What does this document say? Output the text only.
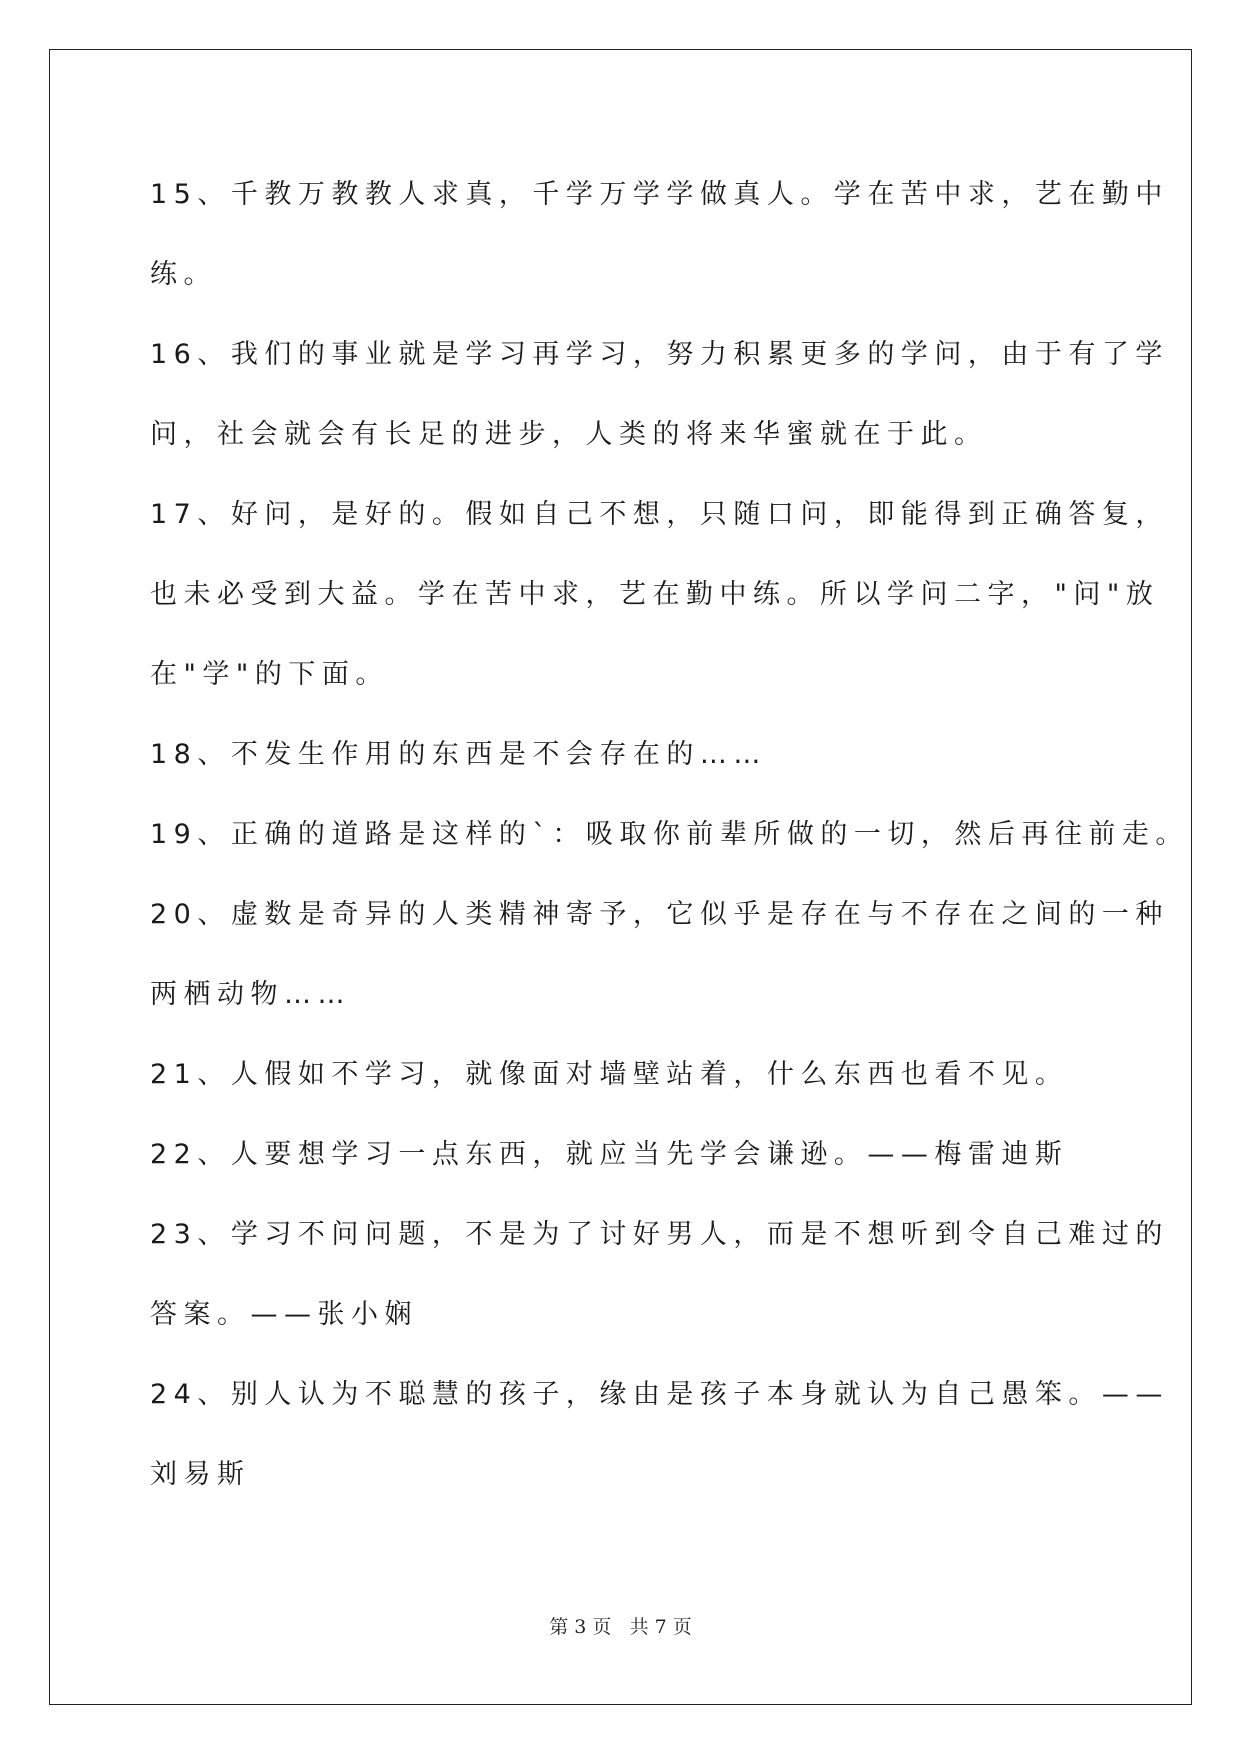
15、千教万教教人求真，千学万学学做真人。学在苦中求，艺在勤中

练。

16、我们的事业就是学习再学习，努力积累更多的学问，由于有了学

问，社会就会有长足的进步，人类的将来华蜜就在于此。

17、好问，是好的。假如自己不想，只随口问，即能得到正确答复，

也未必受到大益。学在苦中求，艺在勤中练。所以学问二字，"问"放

在"学"的下面。

18、不发生作用的东西是不会存在的……

19、正确的道路是这样的`：吸取你前辈所做的一切，然后再往前走。

20、虚数是奇异的人类精神寄予，它似乎是存在与不存在之间的一种

两栖动物……

21、人假如不学习，就像面对墙壁站着，什么东西也看不见。

22、人要想学习一点东西，就应当先学会谦逊。——梅雷迪斯

23、学习不问问题，不是为了讨好男人，而是不想听到令自己难过的

答案。——张小娴

24、别人认为不聪慧的孩子，缘由是孩子本身就认为自己愚笨。——

刘易斯

第 3 页 共 7 页
